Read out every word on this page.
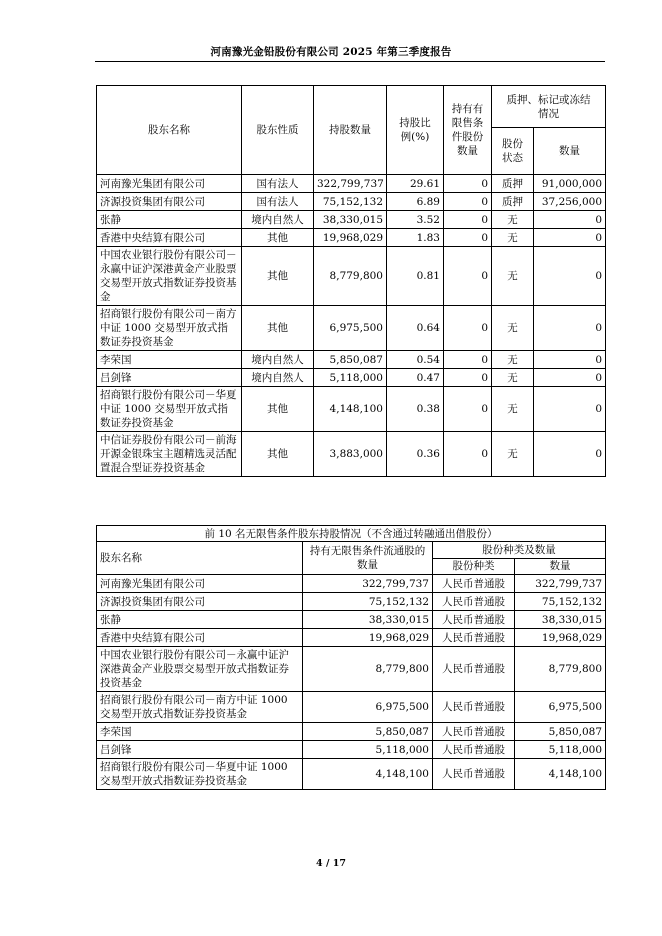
河南豫光金铅股份有限公司 2025 年第三季度报告
股东名称	股东性质	持股数量	持股比例(%)	持有有限售条件股份数量	质押、标记或冻结情况	
					股份状态	数量
河南豫光集团有限公司	国有法人	322,799,737	29.61	0	质押	91,000,000
济源投资集团有限公司	国有法人	75,152,132	6.89	0	质押	37,256,000
张静	境内自然人	38,330,015	3.52	0	无	0
香港中央结算有限公司	其他	19,968,029	1.83	0	无	0
中国农业银行股份有限公司－永赢中证沪深港黄金产业股票交易型开放式指数证券投资基金	其他	8,779,800	0.81	0	无	0
招商银行股份有限公司－南方中证 1000 交易型开放式指数证券投资基金	其他	6,975,500	0.64	0	无	0
李荣国	境内自然人	5,850,087	0.54	0	无	0
吕剑锋	境内自然人	5,118,000	0.47	0	无	0
招商银行股份有限公司－华夏中证 1000 交易型开放式指数证券投资基金	其他	4,148,100	0.38	0	无	0
中信证券股份有限公司－前海开源金银珠宝主题精选灵活配置混合型证券投资基金	其他	3,883,000	0.36	0	无	0
前 10 名无限售条件股东持股情况（不含通过转融通出借股份）			
股东名称	持有无限售条件流通股的数量	股份种类及数量	
		股份种类	数量
河南豫光集团有限公司	322,799,737	人民币普通股	322,799,737
济源投资集团有限公司	75,152,132	人民币普通股	75,152,132
张静	38,330,015	人民币普通股	38,330,015
香港中央结算有限公司	19,968,029	人民币普通股	19,968,029
中国农业银行股份有限公司－永赢中证沪深港黄金产业股票交易型开放式指数证券投资基金	8,779,800	人民币普通股	8,779,800
招商银行股份有限公司－南方中证 1000 交易型开放式指数证券投资基金	6,975,500	人民币普通股	6,975,500
李荣国	5,850,087	人民币普通股	5,850,087
吕剑锋	5,118,000	人民币普通股	5,118,000
招商银行股份有限公司－华夏中证 1000 交易型开放式指数证券投资基金	4,148,100	人民币普通股	4,148,100
4 / 17
